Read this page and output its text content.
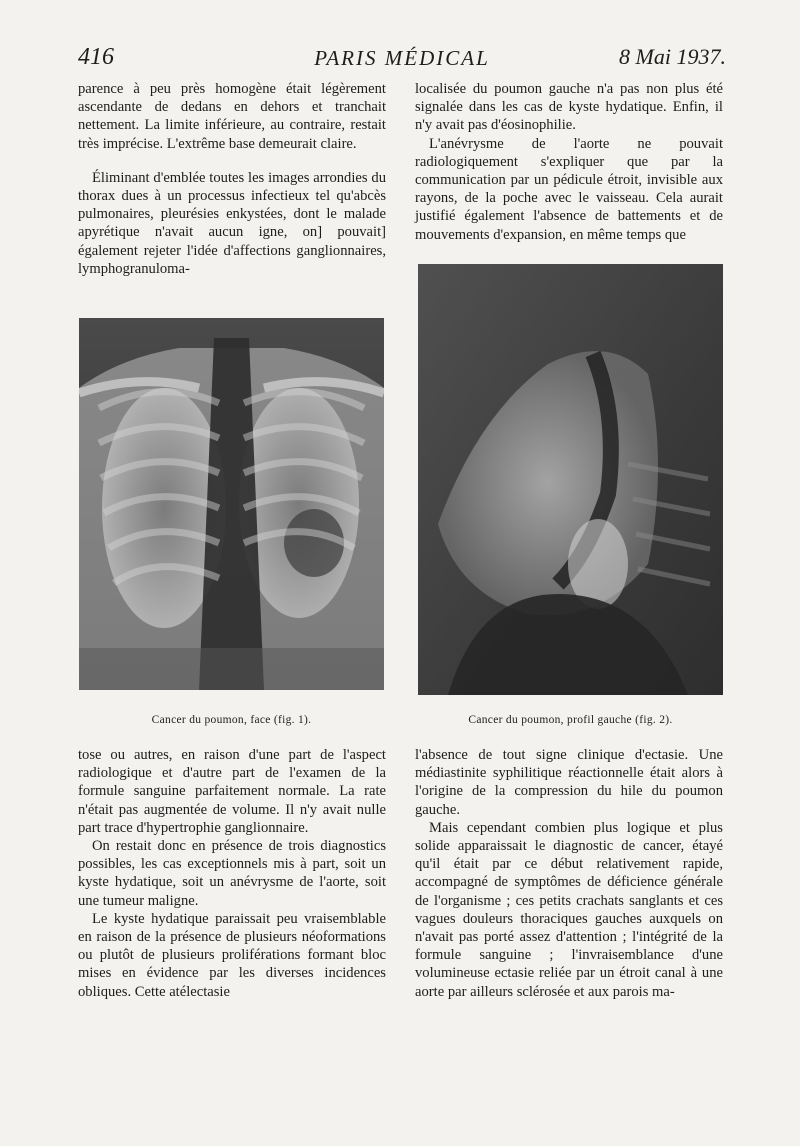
416	PARIS MÉDICAL	8 Mai 1937.

parence à peu près homogène était légèrement ascendante de dedans en dehors et tranchait nettement. La limite inférieure, au contraire, restait très imprécise. L'extrême base demeurait claire.

Éliminant d'emblée toutes les images arrondies du thorax dues à un processus infectieux tel qu'abcès pulmonaires, pleurésies enkystées, dont le malade apyrétique n'avait aucun igne, on] pouvait] également rejeter l'idée d'affections ganglionnaires, lymphogranuloma-

localisée du poumon gauche n'a pas non plus été signalée dans les cas de kyste hydatique. Enfin, il n'y avait pas d'éosinophilie.

L'anévrysme de l'aorte ne pouvait radiologiquement s'expliquer que par la communication par un pédicule étroit, invisible aux rayons, de la poche avec le vaisseau. Cela aurait justifié également l'absence de battements et de mouvements d'expansion, en même temps que

Cancer du poumon, face (fig. 1).	Cancer du poumon, profil gauche (fig. 2).

tose ou autres, en raison d'une part de l'aspect radiologique et d'autre part de l'examen de la formule sanguine parfaitement normale. La rate n'était pas augmentée de volume. Il n'y avait nulle part trace d'hypertrophie ganglionnaire.

On restait donc en présence de trois diagnostics possibles, les cas exceptionnels mis à part, soit un kyste hydatique, soit un anévrysme de l'aorte, soit une tumeur maligne.

Le kyste hydatique paraissait peu vraisemblable en raison de la présence de plusieurs néoformations ou plutôt de plusieurs proliférations formant bloc mises en évidence par les diverses incidences obliques. Cette atélectasie

l'absence de tout signe clinique d'ectasie. Une médiastinite syphilitique réactionnelle était alors à l'origine de la compression du hile du poumon gauche.

Mais cependant combien plus logique et plus solide apparaissait le diagnostic de cancer, étayé qu'il était par ce début relativement rapide, accompagné de symptômes de déficience générale de l'organisme ; ces petits crachats sanglants et ces vagues douleurs thoraciques gauches auxquels on n'avait pas porté assez d'attention ; l'intégrité de la formule sanguine ; l'invraisemblance d'une volumineuse ectasie reliée par un étroit canal à une aorte par ailleurs sclérosée et aux parois ma-
